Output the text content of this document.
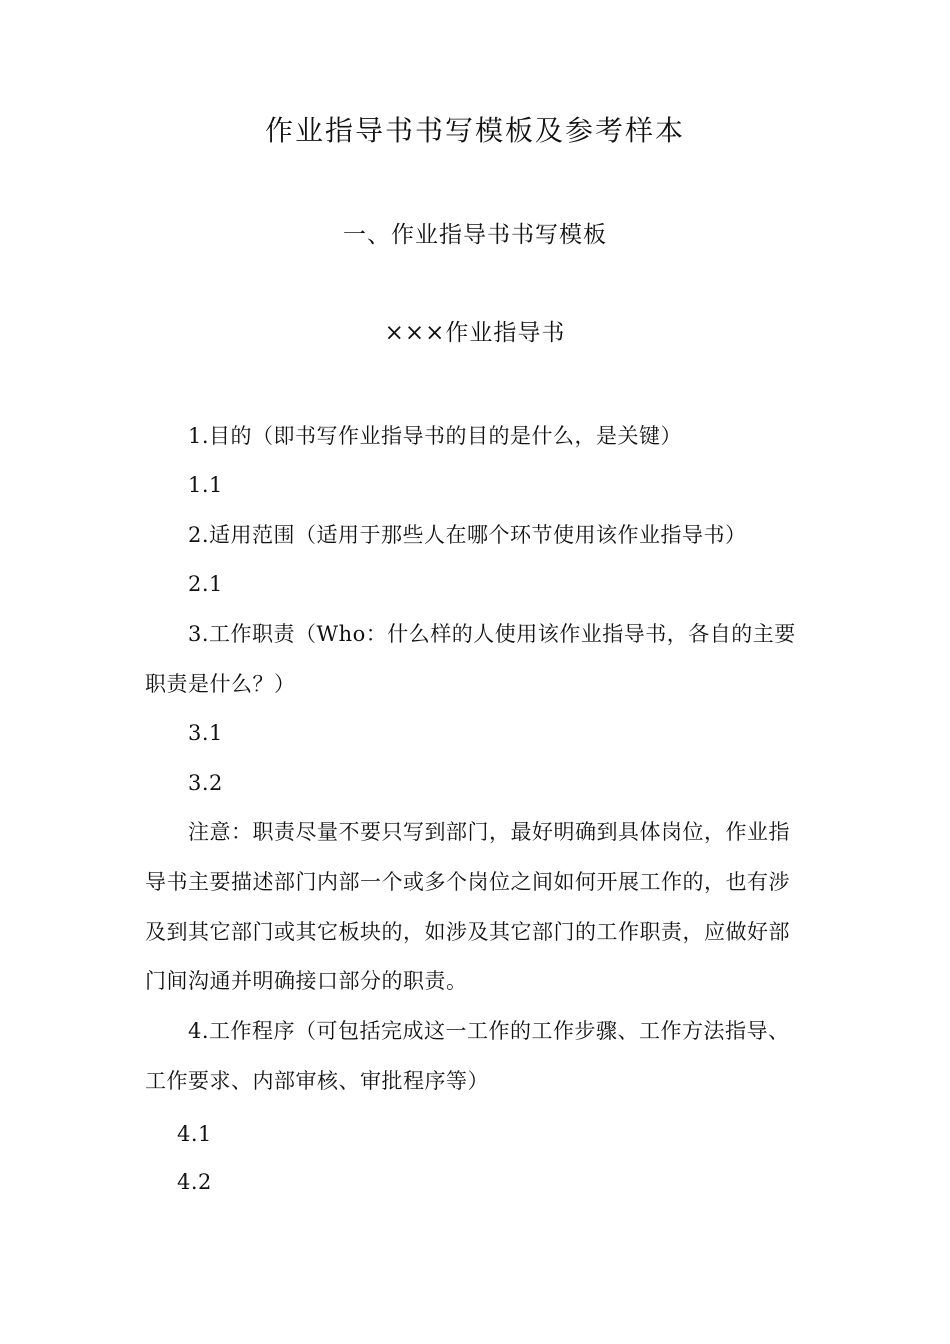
作业指导书书写模板及参考样本
一、作业指导书书写模板
×××作业指导书
1.目的（即书写作业指导书的目的是什么，是关键）
1.1
2.适用范围（适用于那些人在哪个环节使用该作业指导书）
2.1
3.工作职责（Who：什么样的人使用该作业指导书，各自的主要
职责是什么？）
3.1
3.2
注意：职责尽量不要只写到部门，最好明确到具体岗位，作业指
导书主要描述部门内部一个或多个岗位之间如何开展工作的，也有涉
及到其它部门或其它板块的，如涉及其它部门的工作职责，应做好部
门间沟通并明确接口部分的职责。
4.工作程序（可包括完成这一工作的工作步骤、工作方法指导、
工作要求、内部审核、审批程序等）
4.1
4.2
